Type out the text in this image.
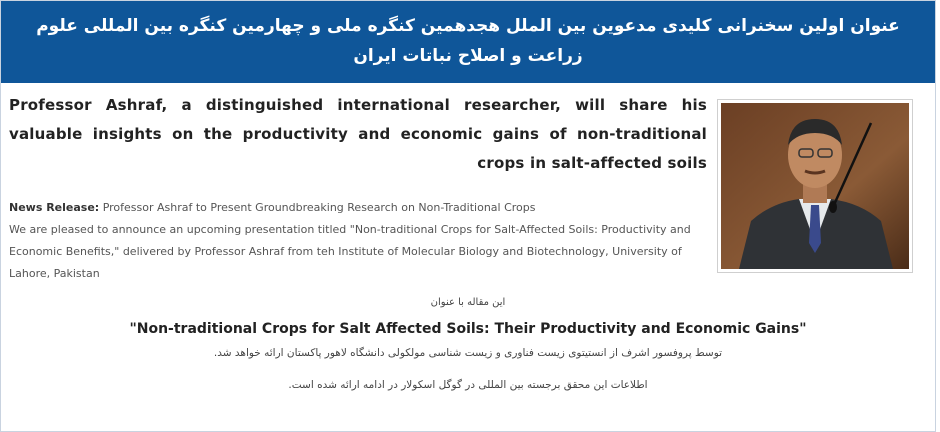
عنوان اولین سخنرانی کلیدی مدعوین بین الملل هجدهمین کنگره ملی و چهارمین کنگره بین المللی علوم زراعت و اصلاح نباتات ایران
Professor Ashraf, a distinguished international researcher, will share his valuable insights on the productivity and economic gains of non-traditional crops in salt-affected soils

News Release: Professor Ashraf to Present Groundbreaking Research on Non-Traditional Crops

We are pleased to announce an upcoming presentation titled "Non-traditional Crops for Salt-Affected Soils: Productivity and Economic Benefits," delivered by Professor Ashraf from teh Institute of Molecular Biology and Biotechnology, University of Lahore, Pakistan

این مقاله با عنوان
"Non-traditional Crops for Salt Affected Soils: Their Productivity and Economic Gains"
توسط پروفسور اشرف از انستیتوی زیست فناوری و زیست شناسی مولکولی دانشگاه لاهور پاکستان ارائه خواهد شد.
اطلاعات این محقق برجسته بین المللی در گوگل اسکولار در ادامه ارائه شده است.
